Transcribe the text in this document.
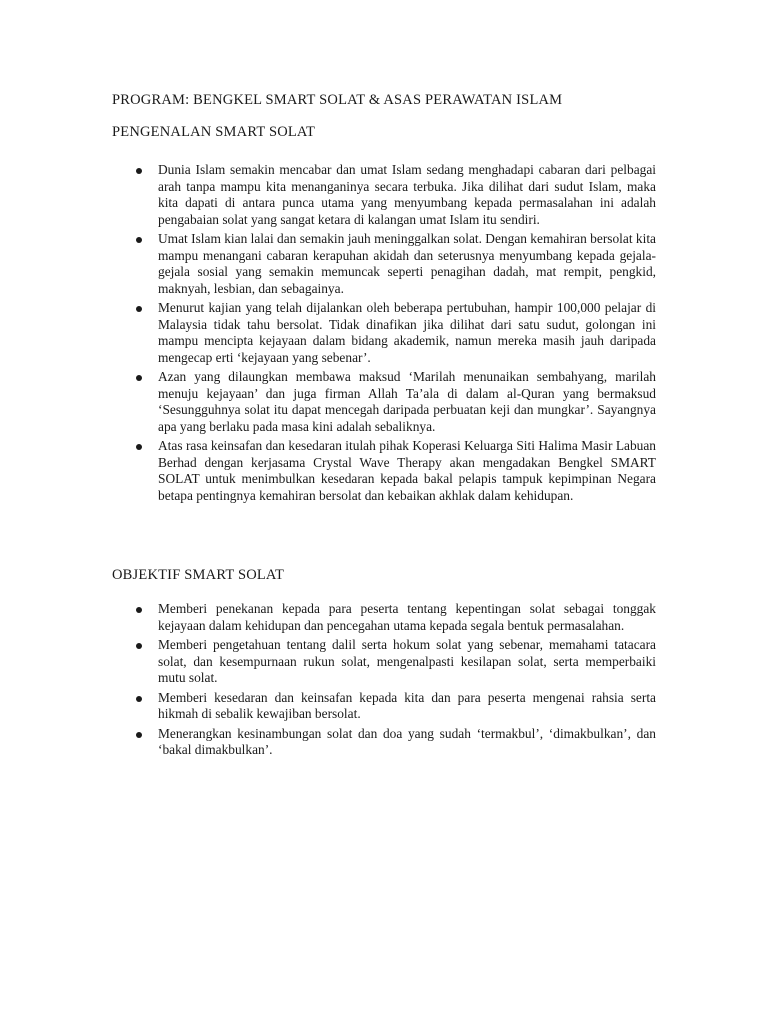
PROGRAM: BENGKEL SMART SOLAT & ASAS PERAWATAN ISLAM
PENGENALAN SMART SOLAT
Dunia Islam semakin mencabar dan umat Islam sedang menghadapi cabaran dari pelbagai arah tanpa mampu kita menanganinya secara terbuka. Jika dilihat dari sudut Islam, maka kita dapati di antara punca utama yang menyumbang kepada permasalahan ini adalah pengabaian solat yang sangat ketara di kalangan umat Islam itu sendiri.
Umat Islam kian lalai dan semakin jauh meninggalkan solat. Dengan kemahiran bersolat kita mampu menangani cabaran kerapuhan akidah dan seterusnya menyumbang kepada gejala-gejala sosial yang semakin memuncak seperti penagihan dadah, mat rempit, pengkid, maknyah, lesbian, dan sebagainya.
Menurut kajian yang telah dijalankan oleh beberapa pertubuhan, hampir 100,000 pelajar di Malaysia tidak tahu bersolat. Tidak dinafikan jika dilihat dari satu sudut, golongan ini mampu mencipta kejayaan dalam bidang akademik, namun mereka masih jauh daripada mengecap erti ‘kejayaan yang sebenar’.
Azan yang dilaungkan membawa maksud ‘Marilah menunaikan sembahyang, marilah menuju kejayaan’ dan juga firman Allah Ta’ala di dalam al-Quran yang bermaksud ‘Sesungguhnya solat itu dapat mencegah daripada perbuatan keji dan mungkar’. Sayangnya apa yang berlaku pada masa kini adalah sebaliknya.
Atas rasa keinsafan dan kesedaran itulah pihak Koperasi Keluarga Siti Halima Masir Labuan Berhad dengan kerjasama Crystal Wave Therapy akan mengadakan Bengkel SMART SOLAT untuk menimbulkan kesedaran kepada bakal pelapis tampuk kepimpinan Negara betapa pentingnya kemahiran bersolat dan kebaikan akhlak dalam kehidupan.
OBJEKTIF SMART SOLAT
Memberi penekanan kepada para peserta tentang kepentingan solat sebagai tonggak kejayaan dalam kehidupan dan pencegahan utama kepada segala bentuk permasalahan.
Memberi pengetahuan tentang dalil serta hokum solat yang sebenar, memahami tatacara solat, dan kesempurnaan rukun solat, mengenalpasti kesilapan solat, serta memperbaiki mutu solat.
Memberi kesedaran dan keinsafan kepada kita dan para peserta mengenai rahsia serta hikmah di sebalik kewajiban bersolat.
Menerangkan kesinambungan solat dan doa yang sudah ‘termakbul’, ‘dimakbulkan’, dan ‘bakal dimakbulkan’.
